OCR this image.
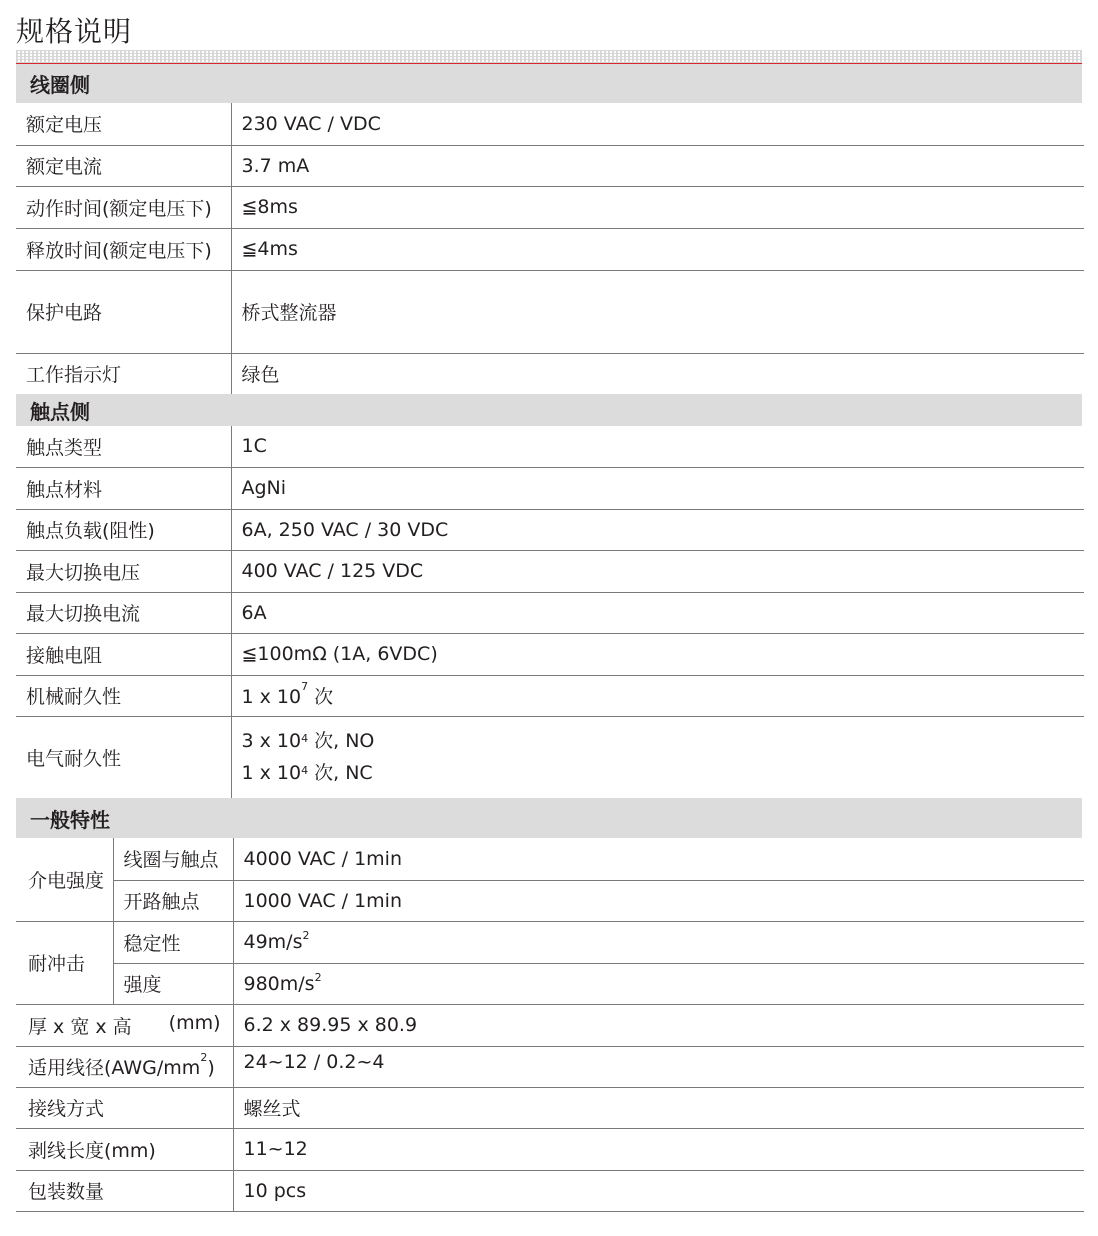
规格说明
线圈侧
额定电压	230 VAC / VDC
额定电流	3.7 mA
动作时间(额定电压下)	≦8ms
释放时间(额定电压下)	≦4ms
保护电路	桥式整流器
工作指示灯	绿色
触点侧
触点类型	1C
触点材料	AgNi
触点负载(阻性)	6A, 250 VAC / 30 VDC
最大切换电压	400 VAC / 125 VDC
最大切换电流	6A
接触电阻	≦100mΩ (1A, 6VDC)
机械耐久性	1 x $10^7$ 次
电气耐久性	3 x $10^4$ 次, NO
1 x $10^4$ 次, NC
一般特性
介电强度	线圈与触点	4000 VAC / 1min
	开路触点	1000 VAC / 1min
耐冲击	稳定性	$49m/s^2$
	强度	$980m/s^2$
厚 x 宽 x 高 (mm)		6.2 x 89.95 x 80.9
适用线径$(AWG/mm^2)$		24~12 / 0.2~4
接线方式		螺丝式
剥线长度(mm)		11~12
包装数量		10 pcs
